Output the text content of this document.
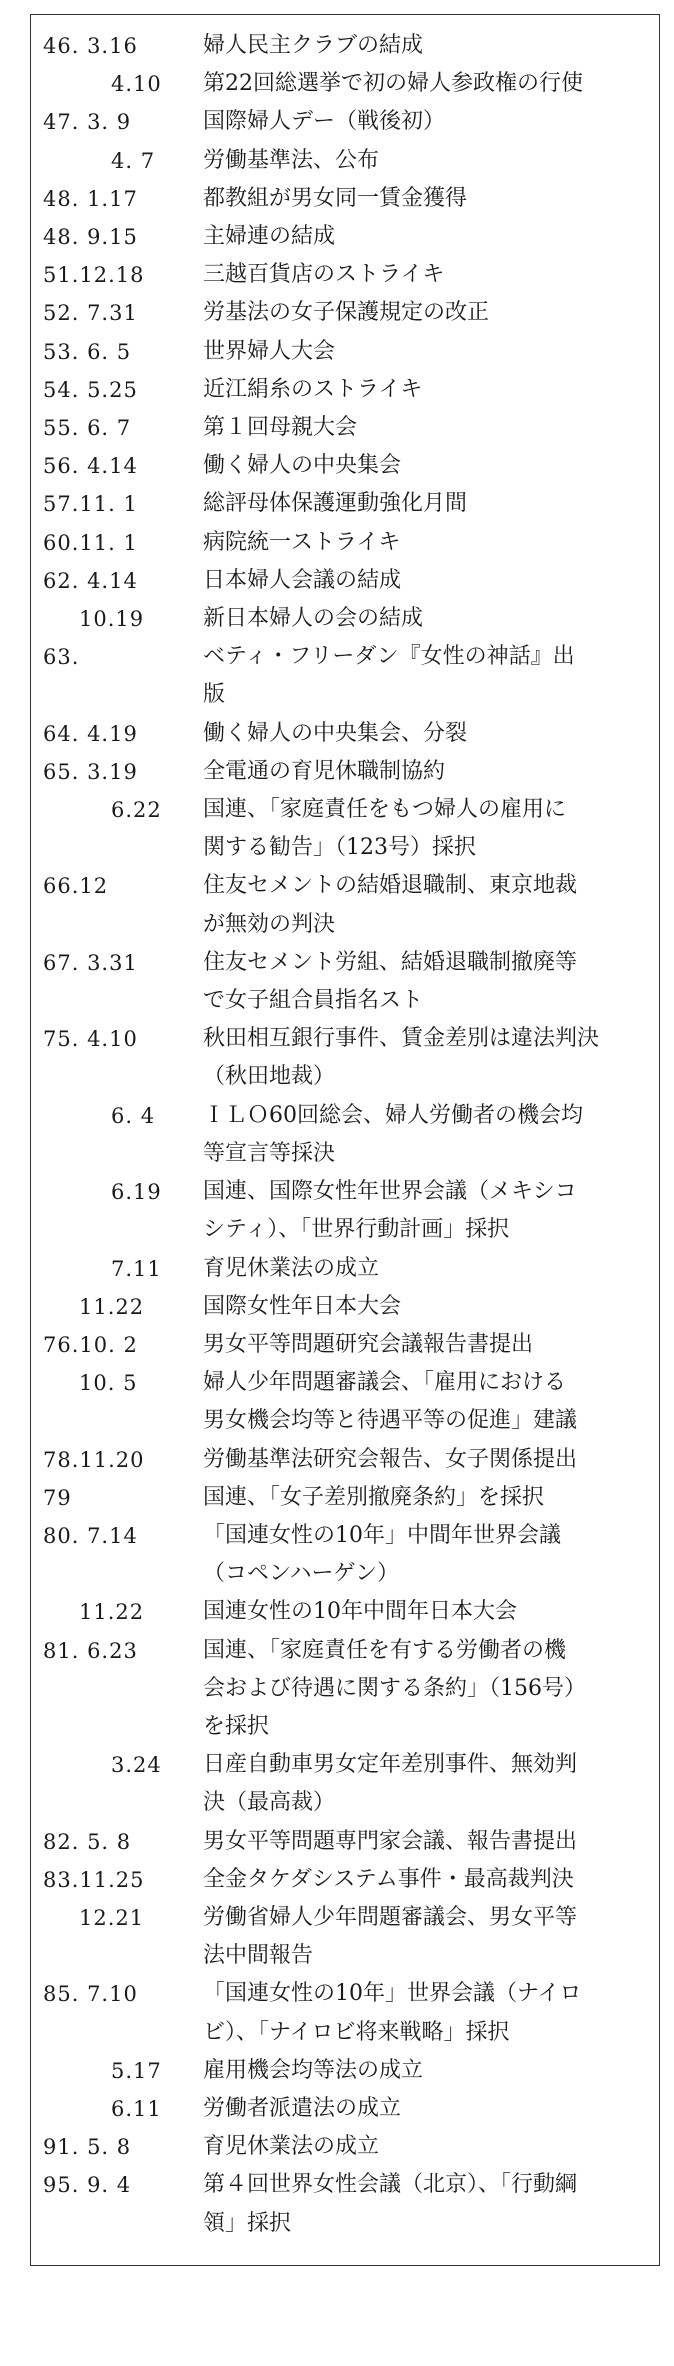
46. 3.16	婦人民主クラブの結成
4.10	第22回総選挙で初の婦人参政権の行使
47. 3. 9	国際婦人デー（戦後初）
4. 7	労働基準法、公布
48. 1.17	都教組が男女同一賃金獲得
48. 9.15	主婦連の結成
51.12.18	三越百貨店のストライキ
52. 7.31	労基法の女子保護規定の改正
53. 6. 5	世界婦人大会
54. 5.25	近江絹糸のストライキ
55. 6. 7	第１回母親大会
56. 4.14	働く婦人の中央集会
57.11. 1	総評母体保護運動強化月間
60.11. 1	病院統一ストライキ
62. 4.14	日本婦人会議の結成
10.19	新日本婦人の会の結成
63.	ベティ・フリーダン『女性の神話』出
版
64. 4.19	働く婦人の中央集会、分裂
65. 3.19	全電通の育児休職制協約
6.22	国連、「家庭責任をもつ婦人の雇用に
関する勧告」（123号）採択
66.12	住友セメントの結婚退職制、東京地裁
が無効の判決
67. 3.31	住友セメント労組、結婚退職制撤廃等
で女子組合員指名スト
75. 4.10	秋田相互銀行事件、賃金差別は違法判決
（秋田地裁）
6. 4	ＩＬＯ60回総会、婦人労働者の機会均
等宣言等採決
6.19	国連、国際女性年世界会議（メキシコ
シティ）、「世界行動計画」採択
7.11	育児休業法の成立
11.22	国際女性年日本大会
76.10. 2	男女平等問題研究会議報告書提出
10. 5	婦人少年問題審議会、「雇用における
男女機会均等と待遇平等の促進」建議
78.11.20	労働基準法研究会報告、女子関係提出
79	国連、「女子差別撤廃条約」を採択
80. 7.14	「国連女性の10年」中間年世界会議
（コペンハーゲン）
11.22	国連女性の10年中間年日本大会
81. 6.23	国連、「家庭責任を有する労働者の機
会および待遇に関する条約」（156号）
を採択
3.24	日産自動車男女定年差別事件、無効判
決（最高裁）
82. 5. 8	男女平等問題専門家会議、報告書提出
83.11.25	全金タケダシステム事件・最高裁判決
12.21	労働省婦人少年問題審議会、男女平等
法中間報告
85. 7.10	「国連女性の10年」世界会議（ナイロ
ビ）、「ナイロビ将来戦略」採択
5.17	雇用機会均等法の成立
6.11	労働者派遣法の成立
91. 5. 8	育児休業法の成立
95. 9. 4	第４回世界女性会議（北京）、「行動綱
領」採択
